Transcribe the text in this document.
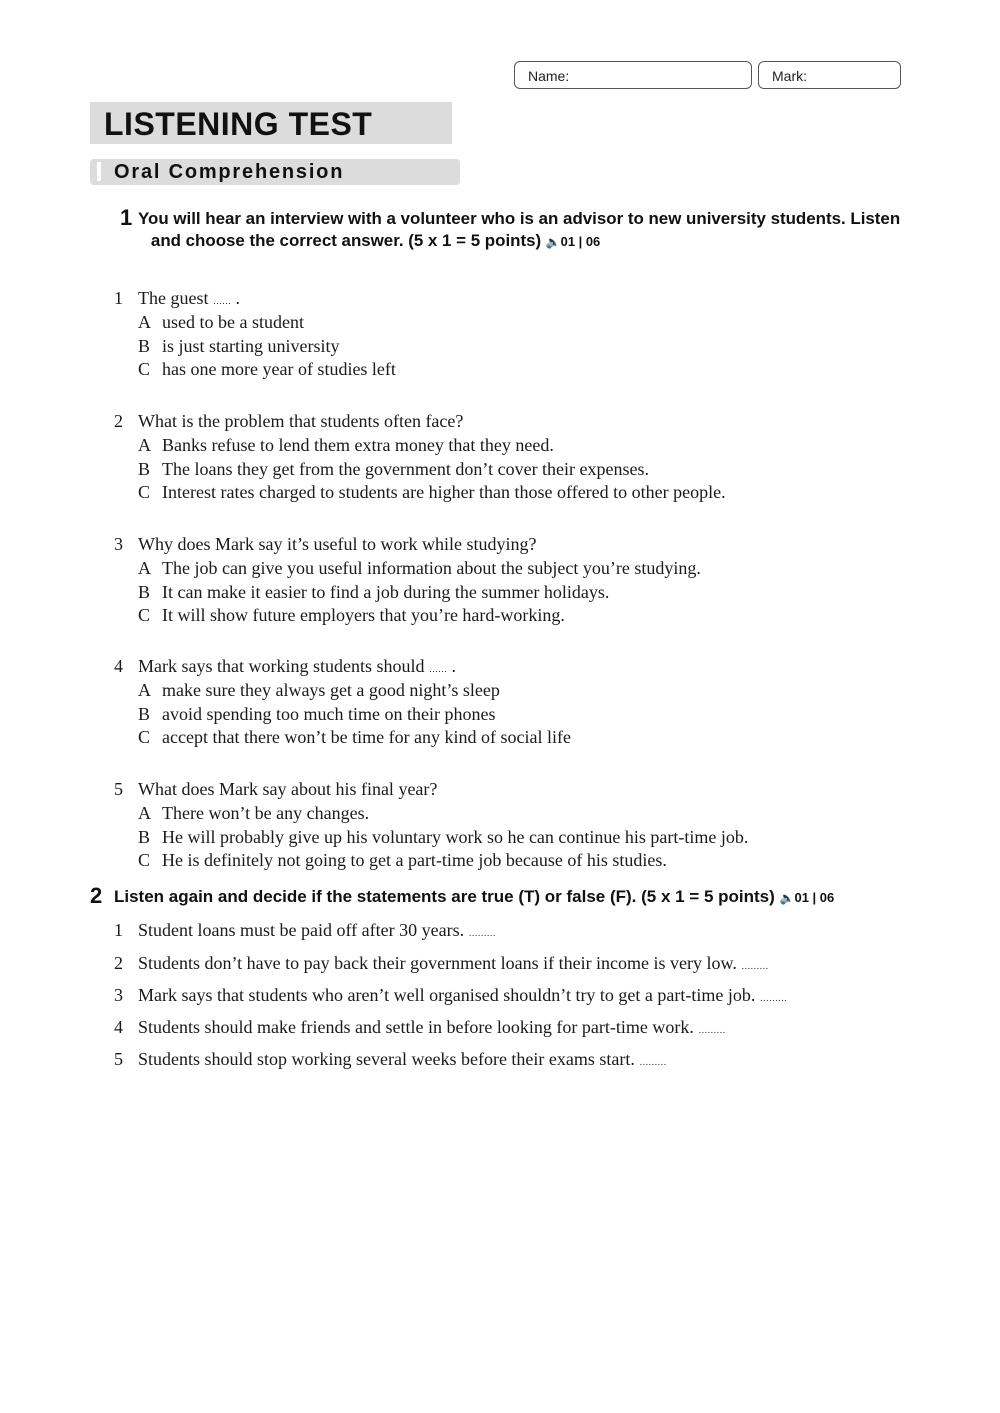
Name:	Mark:
LISTENING TEST
Oral Comprehension
1 You will hear an interview with a volunteer who is an advisor to new university students. Listen
and choose the correct answer. (5 x 1 = 5 points) 🔈01 | 06
1 The guest …… .
A used to be a student
B is just starting university
C has one more year of studies left
2 What is the problem that students often face?
A Banks refuse to lend them extra money that they need.
B The loans they get from the government don’t cover their expenses.
C Interest rates charged to students are higher than those offered to other people.
3 Why does Mark say it’s useful to work while studying?
A The job can give you useful information about the subject you’re studying.
B It can make it easier to find a job during the summer holidays.
C It will show future employers that you’re hard-working.
4 Mark says that working students should …… .
A make sure they always get a good night’s sleep
B avoid spending too much time on their phones
C accept that there won’t be time for any kind of social life
5 What does Mark say about his final year?
A There won’t be any changes.
B He will probably give up his voluntary work so he can continue his part-time job.
C He is definitely not going to get a part-time job because of his studies.
2 Listen again and decide if the statements are true (T) or false (F). (5 x 1 = 5 points) 🔈01 | 06
1 Student loans must be paid off after 30 years. ………
2 Students don’t have to pay back their government loans if their income is very low. ………
3 Mark says that students who aren’t well organised shouldn’t try to get a part-time job. ………
4 Students should make friends and settle in before looking for part-time work. ………
5 Students should stop working several weeks before their exams start. ………
